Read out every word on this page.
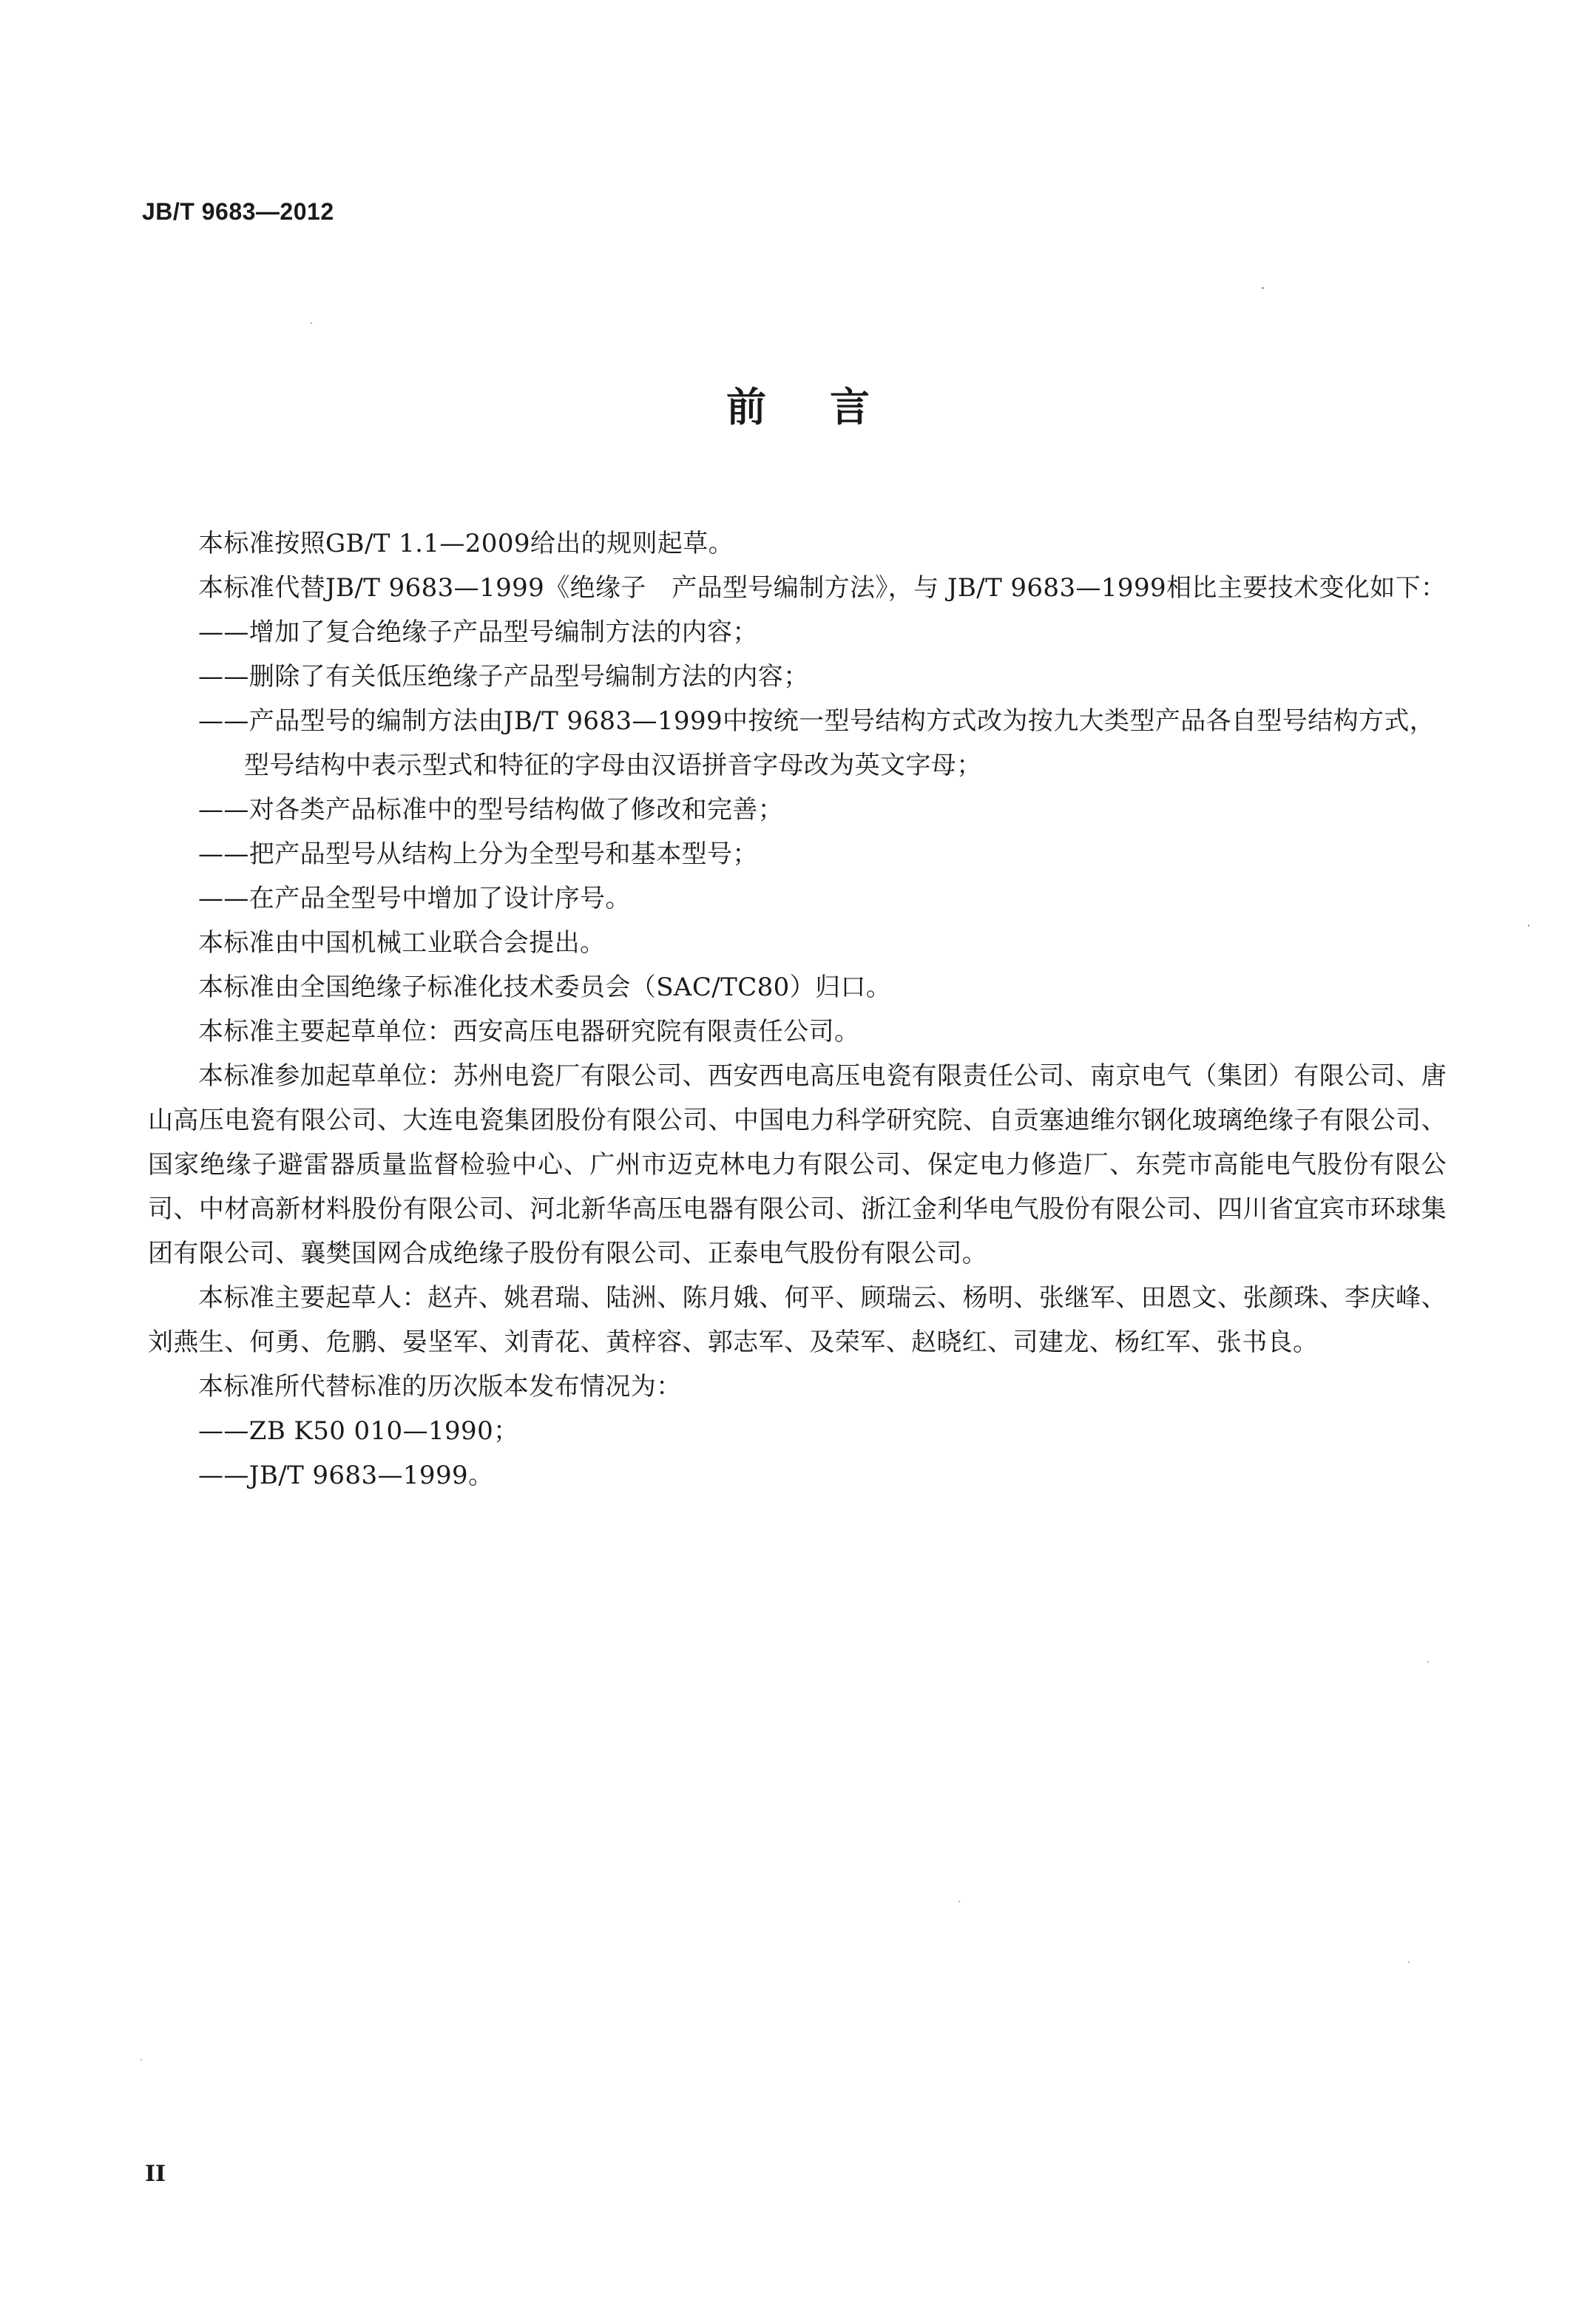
JB/T 9683—2012
前言

本标准按照GB/T 1.1—2009给出的规则起草。

本标准代替JB/T 9683—1999《绝缘子　产品型号编制方法》，与 JB/T 9683—1999相比主要技术变化如下：

——增加了复合绝缘子产品型号编制方法的内容；

——删除了有关低压绝缘子产品型号编制方法的内容；

——产品型号的编制方法由JB/T 9683—1999中按统一型号结构方式改为按九大类型产品各自型号结构方式，型号结构中表示型式和特征的字母由汉语拼音字母改为英文字母；

——对各类产品标准中的型号结构做了修改和完善；

——把产品型号从结构上分为全型号和基本型号；

——在产品全型号中增加了设计序号。

本标准由中国机械工业联合会提出。

本标准由全国绝缘子标准化技术委员会（SAC/TC80）归口。

本标准主要起草单位：西安高压电器研究院有限责任公司。

本标准参加起草单位：苏州电瓷厂有限公司、西安西电高压电瓷有限责任公司、南京电气（集团）有限公司、唐山高压电瓷有限公司、大连电瓷集团股份有限公司、中国电力科学研究院、自贡塞迪维尔钢化玻璃绝缘子有限公司、国家绝缘子避雷器质量监督检验中心、广州市迈克林电力有限公司、保定电力修造厂、东莞市高能电气股份有限公司、中材高新材料股份有限公司、河北新华高压电器有限公司、浙江金利华电气股份有限公司、四川省宜宾市环球集团有限公司、襄樊国网合成绝缘子股份有限公司、正泰电气股份有限公司。

本标准主要起草人：赵卉、姚君瑞、陆洲、陈月娥、何平、顾瑞云、杨明、张继军、田恩文、张颜珠、李庆峰、刘燕生、何勇、危鹏、晏坚军、刘青花、黄梓容、郭志军、及荣军、赵晓红、司建龙、杨红军、张书良。

本标准所代替标准的历次版本发布情况为：

——ZB K50 010—1990；

——JB/T 9683—1999。

II
